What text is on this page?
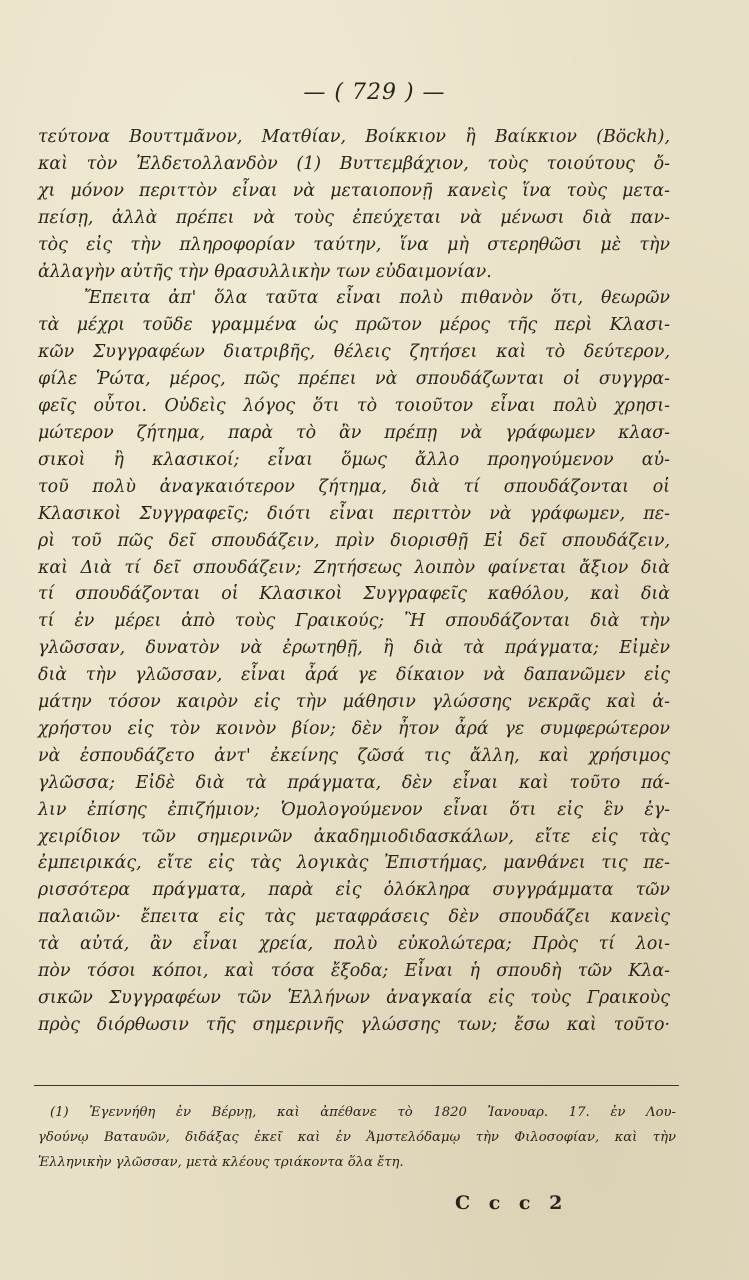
— ( 729 ) —
τεύτονα Βουττμᾶνον, Ματθίαν, Βοίκκιον ἢ Βαίκκιον (Böckh),
καὶ τὸν Ἐλδετολλανδὸν (1) Βυττεμβάχιον, τοὺς τοιούτους ὄ-
χι μόνον περιττὸν εἶναι νὰ μεταιοπονῇ κανεὶς ἵνα τοὺς μετα-
πείσῃ, ἀλλὰ πρέπει νὰ τοὺς ἐπεύχεται νὰ μένωσι διὰ παν-
τὸς εἰς τὴν πληροφορίαν ταύτην, ἵνα μὴ στερηθῶσι μὲ τὴν
ἀλλαγὴν αὐτῆς τὴν θρασυλλικὴν των εὐδαιμονίαν.
Ἔπειτα ἀπ' ὅλα ταῦτα εἶναι πολὺ πιθανὸν ὅτι, θεωρῶν
τὰ μέχρι τοῦδε γραμμένα ὡς πρῶτον μέρος τῆς περὶ Κλασι-
κῶν Συγγραφέων διατριβῆς, θέλεις ζητήσει καὶ τὸ δεύτερον,
φίλε Ῥώτα, μέρος, πῶς πρέπει νὰ σπουδάζωνται οἱ συγγρα-
φεῖς οὗτοι. Οὐδεὶς λόγος ὅτι τὸ τοιοῦτον εἶναι πολὺ χρησι-
μώτερον ζήτημα, παρὰ τὸ ἂν πρέπῃ νὰ γράφωμεν κλασ-
σικοὶ ἢ κλασικοί; εἶναι ὅμως ἄλλο προηγούμενον αὐ-
τοῦ πολὺ ἀναγκαιότερον ζήτημα, διὰ τί σπουδάζονται οἱ
Κλασικοὶ Συγγραφεῖς; διότι εἶναι περιττὸν νὰ γράφωμεν, πε-
ρὶ τοῦ πῶς δεῖ σπουδάζειν, πρὶν διορισθῇ Εἰ δεῖ σπουδάζειν,
καὶ Διὰ τί δεῖ σπουδάζειν; Ζητήσεως λοιπὸν φαίνεται ἄξιον διὰ
τί σπουδάζονται οἱ Κλασικοὶ Συγγραφεῖς καθόλου, καὶ διὰ
τί ἐν μέρει ἀπὸ τοὺς Γραικούς; Ἢ σπουδάζονται διὰ τὴν
γλῶσσαν, δυνατὸν νὰ ἐρωτηθῇ, ἢ διὰ τὰ πράγματα; Εἰμὲν
διὰ τὴν γλῶσσαν, εἶναι ἆρά γε δίκαιον νὰ δαπανῶμεν εἰς
μάτην τόσον καιρὸν εἰς τὴν μάθησιν γλώσσης νεκρᾶς καὶ ἀ-
χρήστου εἰς τὸν κοινὸν βίον; δὲν ἦτον ἆρά γε συμφερώτερον
νὰ ἐσπουδάζετο ἀντ' ἐκείνης ζῶσά τις ἄλλη, καὶ χρήσιμος
γλῶσσα; Εἰδὲ διὰ τὰ πράγματα, δὲν εἶναι καὶ τοῦτο πά-
λιν ἐπίσης ἐπιζήμιον; Ὁμολογούμενον εἶναι ὅτι εἰς ἓν ἐγ-
χειρίδιον τῶν σημερινῶν ἀκαδημιοδιδασκάλων, εἴτε εἰς τὰς
ἐμπειρικάς, εἴτε εἰς τὰς λογικὰς Ἐπιστήμας, μανθάνει τις πε-
ρισσότερα πράγματα, παρὰ εἰς ὁλόκληρα συγγράμματα τῶν
παλαιῶν· ἔπειτα εἰς τὰς μεταφράσεις δὲν σπουδάζει κανεὶς
τὰ αὐτά, ἂν εἶναι χρεία, πολὺ εὐκολώτερα; Πρὸς τί λοι-
πὸν τόσοι κόποι, καὶ τόσα ἔξοδα; Εἶναι ἡ σπουδὴ τῶν Κλα-
σικῶν Συγγραφέων τῶν Ἑλλήνων ἀναγκαία εἰς τοὺς Γραικοὺς
πρὸς διόρθωσιν τῆς σημερινῆς γλώσσης των; ἔσω καὶ τοῦτο·
(1) Ἐγεννήθη ἐν Βέρνῃ, καὶ ἀπέθανε τὸ 1820 Ἰανουαρ. 17. ἐν Λου-
γδούνῳ Βαταυῶν, διδάξας ἐκεῖ καὶ ἐν Ἀμστελόδαμῳ τὴν Φιλοσοφίαν, καὶ τὴν
Ἑλληνικὴν γλῶσσαν, μετὰ κλέους τριάκοντα ὅλα ἔτη.
C c c 2
